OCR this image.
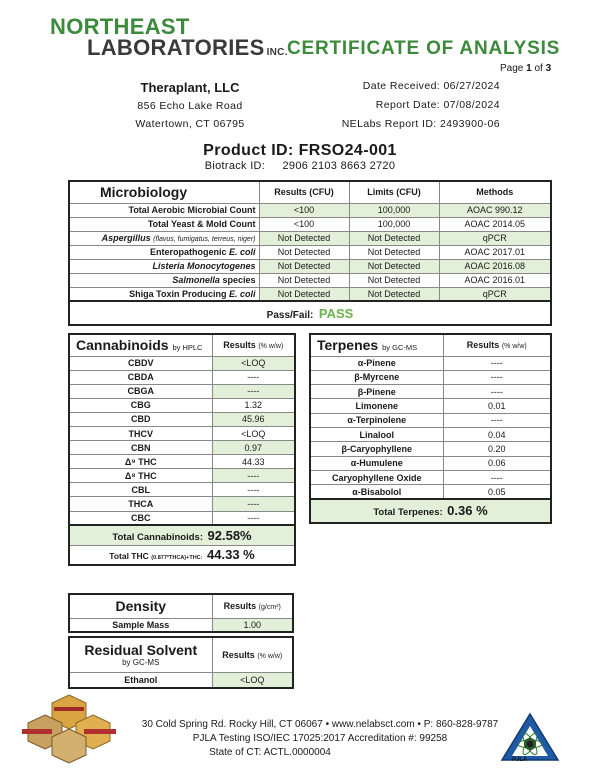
NORTHEAST
LABORATORIES INC. CERTIFICATE OF ANALYSIS
Page 1 of 3
Theraplant, LLC
856 Echo Lake Road
Watertown, CT 06795
Date Received: 06/27/2024
Report Date: 07/08/2024
NELabs Report ID: 2493900-06
Product ID: FRSO24-001
Biotrack ID: 2906 2103 8663 2720
Microbiology	Results (CFU)	Limits (CFU)	Methods
Total Aerobic Microbial Count	<100	100,000	AOAC 990.12
Total Yeast & Mold Count	<100	100,000	AOAC 2014.05
Aspergillus (flavus, fumigatus, terreus, niger)	Not Detected	Not Detected	qPCR
Enteropathogenic E. coli	Not Detected	Not Detected	AOAC 2017.01
Listeria Monocytogenes	Not Detected	Not Detected	AOAC 2016.08
Salmonella species	Not Detected	Not Detected	AOAC 2016.01
Shiga Toxin Producing E. coli	Not Detected	Not Detected	qPCR
Pass/Fail: PASS			
Cannabinoids by HPLC	Results (% w/w)
CBDV	<LOQ
CBDA	----
CBGA	----
CBG	1.32
CBD	45.96
THCV	<LOQ
CBN	0.97
Δ⁹ THC	44.33
Δ⁸ THC	----
CBL	----
THCA	----
CBC	----
Total Cannabinoids: 92.58%	
Total THC (0.877*THCA)+THC: 44.33 %	
Terpenes by GC-MS	Results (% w/w)
α-Pinene	----
β-Myrcene	----
β-Pinene	----
Limonene	0.01
α-Terpinolene	----
Linalool	0.04
β-Caryophyllene	0.20
α-Humulene	0.06
Caryophyllene Oxide	----
α-Bisabolol	0.05
Total Terpenes: 0.36 %	
Density	Results (g/cm³)
Sample Mass	1.00
Residual Solvent
by GC-MS	Results (% w/w)
Ethanol	<LOQ
30 Cold Spring Rd. Rocky Hill, CT 06067 • www.nelabsct.com • P: 860-828-9787
PJLA Testing ISO/IEC 17025:2017 Accreditation #: 99258
State of CT: ACTL.0000004
PJLA
